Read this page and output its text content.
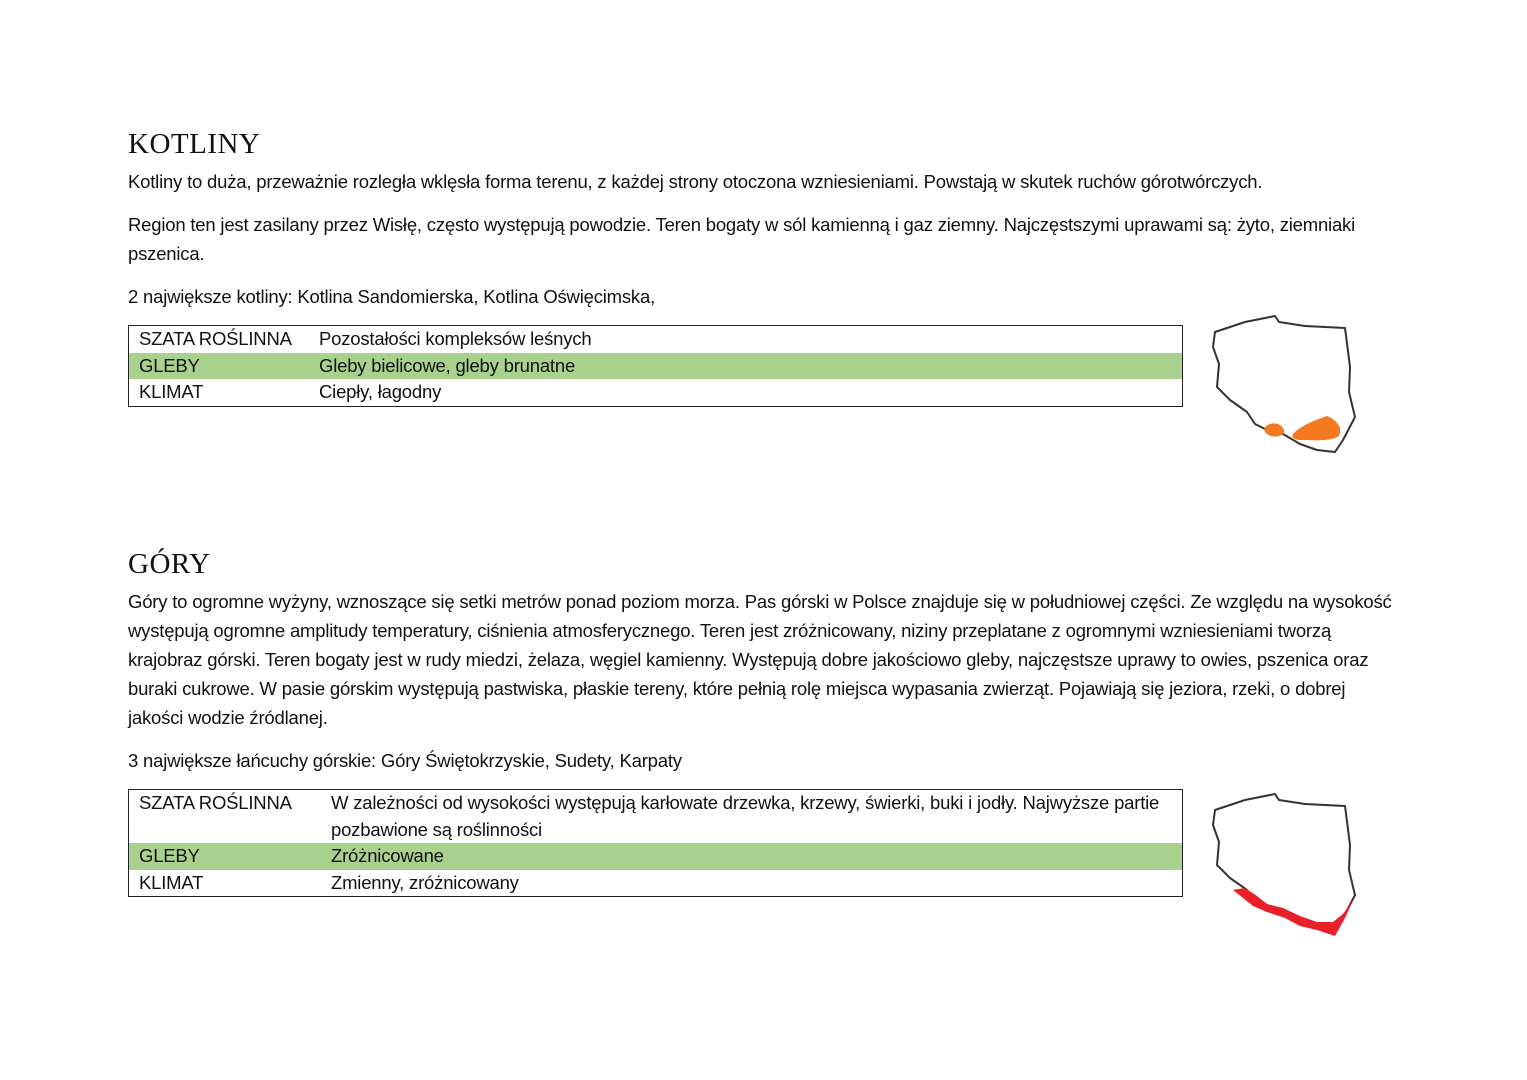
KOTLINY

Kotliny to duża, przeważnie rozległa wklęsła forma terenu, z każdej strony otoczona wzniesieniami. Powstają w skutek ruchów górotwórczych.

Region ten jest zasilany przez Wisłę, często występują powodzie. Teren bogaty w sól kamienną i gaz ziemny. Najczęstszymi uprawami są: żyto, ziemniaki pszenica.

2 największe kotliny: Kotlina Sandomierska, Kotlina Oświęcimska,

SZATA ROŚLINNA	Pozostałości kompleksów leśnych
GLEBY	Gleby bielicowe, gleby brunatne
KLIMAT	Ciepły, łagodny
GÓRY

Góry to ogromne wyżyny, wznoszące się setki metrów ponad poziom morza. Pas górski w Polsce znajduje się w południowej części. Ze względu na wysokość występują ogromne amplitudy temperatury, ciśnienia atmosferycznego. Teren jest zróżnicowany, niziny przeplatane z ogromnymi wzniesieniami tworzą krajobraz górski. Teren bogaty jest w rudy miedzi, żelaza, węgiel kamienny. Występują dobre jakościowo gleby, najczęstsze uprawy to owies, pszenica oraz buraki cukrowe. W pasie górskim występują pastwiska, płaskie tereny, które pełnią rolę miejsca wypasania zwierząt. Pojawiają się jeziora, rzeki, o dobrej jakości wodzie źródlanej.

3 największe łańcuchy górskie: Góry Świętokrzyskie, Sudety, Karpaty

SZATA ROŚLINNA	W zależności od wysokości występują karłowate drzewka, krzewy, świerki, buki i jodły. Najwyższe partie pozbawione są roślinności
GLEBY	Zróżnicowane
KLIMAT	Zmienny, zróżnicowany
